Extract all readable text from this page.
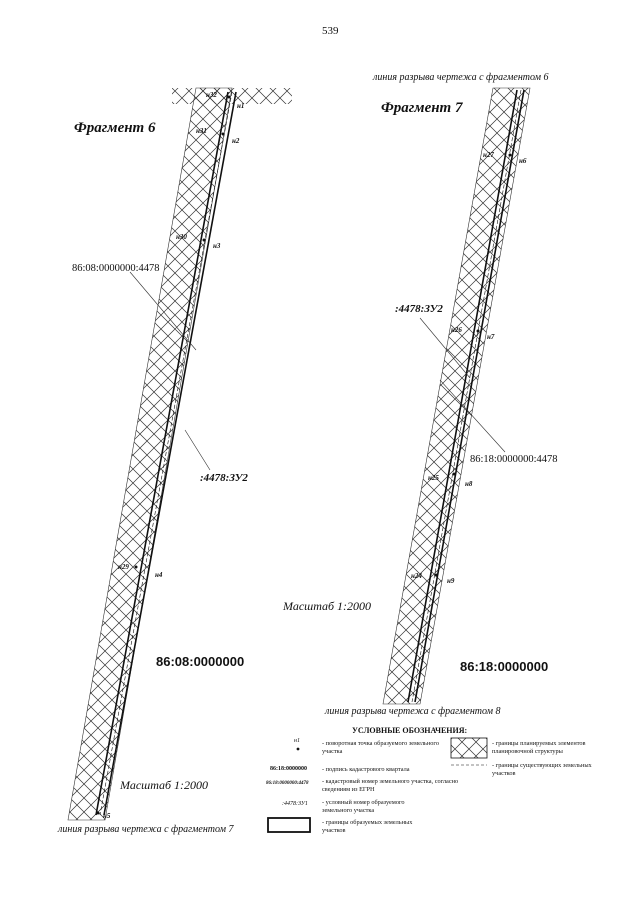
539
Фрагмент 6
86:08:0000000:4478
:4478:ЗУ2
86:08:0000000
Масштаб 1:2000
линия разрыва чертежа с фрагментом 7
н32
н1
н31
н2
н30
н3
н29
н4
н5
линия разрыва чертежа с фрагментом 6
Фрагмент 7
:4478:ЗУ2
86:18:0000000:4478
Масштаб 1:2000
86:18:0000000
линия разрыва чертежа с фрагментом 8
н27
н6
н26
н7
н25
н8
н24
н9
УСЛОВНЫЕ ОБОЗНАЧЕНИЯ:
н1	- поворотная точка образуемого земельного участка
86:18:0000000 - подпись кадастрового квартала
86:18:0000000:4478 - кадастровый номер земельного участка, согласно сведениям из ЕГРН
:4478:ЗУ1 - условный номер образуемого земельного участка
- границы образуемых земельных участков
- границы планируемых элементов планировочной структуры
- границы существующих земельных участков
